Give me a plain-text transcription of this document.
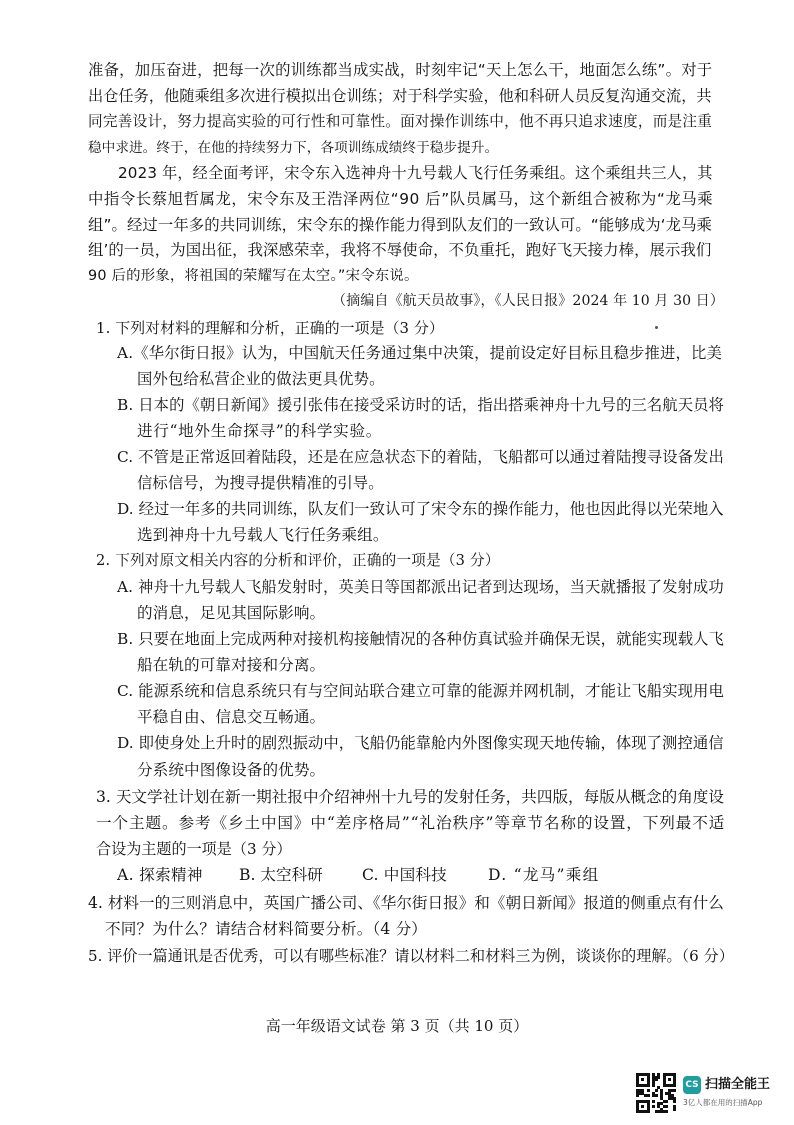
准备，加压奋进，把每一次的训练都当成实战，时刻牢记“天上怎么干，地面怎么练”。对于
出仓任务，他随乘组多次进行模拟出仓训练；对于科学实验，他和科研人员反复沟通交流，共
同完善设计，努力提高实验的可行性和可靠性。面对操作训练中，他不再只追求速度，而是注重
稳中求进。终于，在他的持续努力下，各项训练成绩终于稳步提升。
2023 年，经全面考评，宋令东入选神舟十九号载人飞行任务乘组。这个乘组共三人，其
中指令长蔡旭哲属龙，宋令东及王浩泽两位“90 后”队员属马，这个新组合被称为“龙马乘
组”。经过一年多的共同训练，宋令东的操作能力得到队友们的一致认可。“能够成为‘龙马乘
组’的一员，为国出征，我深感荣幸，我将不辱使命，不负重托，跑好飞天接力棒，展示我们
90 后的形象，将祖国的荣耀写在太空。”宋令东说。
（摘编自《航天员故事》，《人民日报》2024 年 10 月 30 日）
1. 下列对材料的理解和分析，正确的一项是（3 分）
A.《华尔街日报》认为，中国航天任务通过集中决策，提前设定好目标且稳步推进，比美
国外包给私营企业的做法更具优势。
B. 日本的《朝日新闻》援引张伟在接受采访时的话，指出搭乘神舟十九号的三名航天员将
进行“地外生命探寻”的科学实验。
C. 不管是正常返回着陆段，还是在应急状态下的着陆，飞船都可以通过着陆搜寻设备发出
信标信号，为搜寻提供精准的引导。
D. 经过一年多的共同训练，队友们一致认可了宋令东的操作能力，他也因此得以光荣地入
选到神舟十九号载人飞行任务乘组。
2. 下列对原文相关内容的分析和评价，正确的一项是（3 分）
A. 神舟十九号载人飞船发射时，英美日等国都派出记者到达现场，当天就播报了发射成功
的消息，足见其国际影响。
B. 只要在地面上完成两种对接机构接触情况的各种仿真试验并确保无误，就能实现载人飞
船在轨的可靠对接和分离。
C. 能源系统和信息系统只有与空间站联合建立可靠的能源并网机制，才能让飞船实现用电
平稳自由、信息交互畅通。
D. 即使身处上升时的剧烈振动中，飞船仍能靠舱内外图像实现天地传输，体现了测控通信
分系统中图像设备的优势。
3. 天文学社计划在新一期社报中介绍神州十九号的发射任务，共四版，每版从概念的角度设
一个主题。参考《乡土中国》中“差序格局”“礼治秩序”等章节名称的设置，下列最不适
合设为主题的一项是（3 分）
A. 探索精神 B. 太空科研	C. 中国科技	D. “龙马”乘组
4. 材料一的三则消息中，英国广播公司、《华尔街日报》和《朝日新闻》报道的侧重点有什么
不同？为什么？请结合材料简要分析。（4 分）
5. 评价一篇通讯是否优秀，可以有哪些标准？请以材料二和材料三为例，谈谈你的理解。（6 分）
高一年级语文试卷 第 3 页（共 10 页）
CS 扫描全能王
3亿人都在用的扫描App
